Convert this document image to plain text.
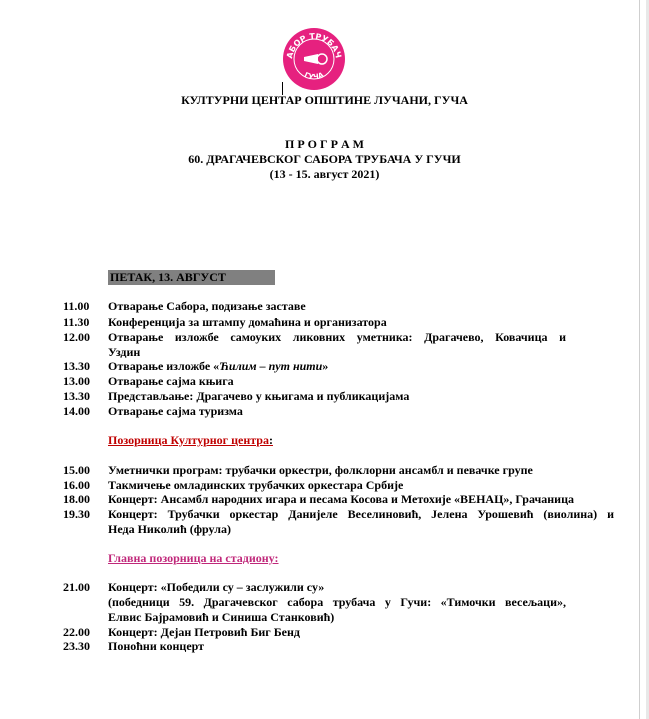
АБОР ТРУБАЧ
ГУЧА
КУЛТУРНИ ЦЕНТАР ОПШТИНЕ ЛУЧАНИ, ГУЧА
П Р О Г Р А М
60. ДРАГАЧЕВСКОГ САБОРА ТРУБАЧА У ГУЧИ
(13 - 15. август 2021)
ПЕТАК, 13. АВГУСТ
11.00 Отварање Сабора, подизање заставе
11.30 Конференција за штампу домаћина и организатора
12.00 Отварање изложбе самоуких ликовних уметника: Драгачево, Ковачица и
Уздин
13.30 Отварање изложбе «Ћилим – пут нити»
13.00 Отварање сајма књига
13.30 Представљање: Драгачево у књигама и публикацијама
14.00 Отварање сајма туризма
Позорница Културног центра:
15.00 Уметнички програм: трубачки оркестри, фолклорни ансамбл и певачке групе
16.00 Такмичење омладинских трубачких оркестара Србије
18.00 Концерт: Ансамбл народних игара и песама Косова и Метохије «ВЕНАЦ», Грачаница
19.30 Концерт: Трубачки оркестар Данијеле Веселиновић, Јелена Урошевић (виолина) и
Неда Николић (фрула)
Главна позорница на стадиону:
21.00 Концерт: «Победили су – заслужили су»
(победници 59. Драгачевског сабора трубача у Гучи: «Тимочки весељаци»,
Елвис Бајрамовић и Синиша Станковић)
22.00 Концерт: Дејан Петровић Биг Бенд
23.30 Поноћни концерт
